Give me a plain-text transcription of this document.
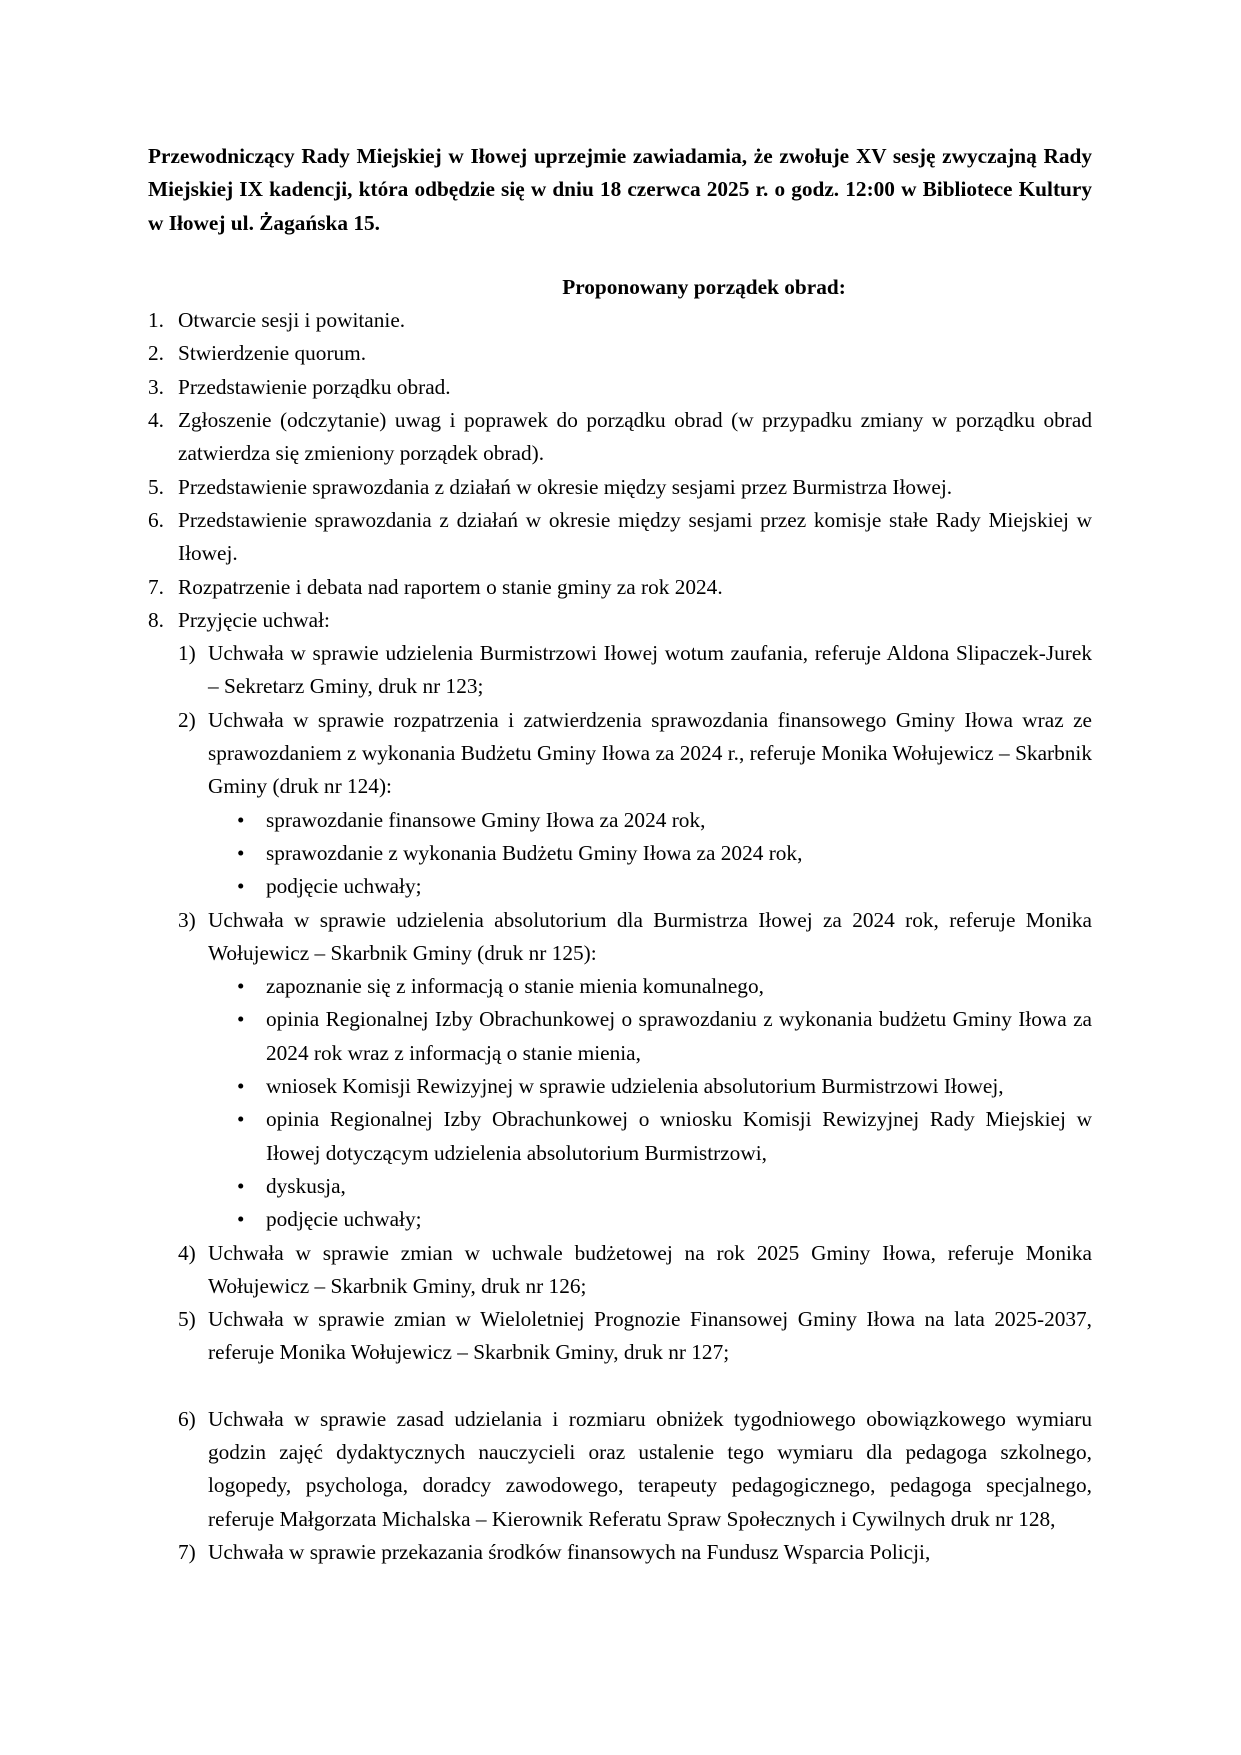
Przewodniczący Rady Miejskiej w Iłowej uprzejmie zawiadamia, że zwołuje XV sesję zwyczajną Rady Miejskiej IX kadencji, która odbędzie się w dniu 18 czerwca 2025 r. o godz. 12:00 w Bibliotece Kultury w Iłowej ul. Żagańska 15.

Proponowany porządek obrad:

1. Otwarcie sesji i powitanie.
2. Stwierdzenie quorum.
3. Przedstawienie porządku obrad.
4. Zgłoszenie (odczytanie) uwag i poprawek do porządku obrad (w przypadku zmiany w porządku obrad zatwierdza się zmieniony porządek obrad).
5. Przedstawienie sprawozdania z działań w okresie między sesjami przez Burmistrza Iłowej.
6. Przedstawienie sprawozdania z działań w okresie między sesjami przez komisje stałe Rady Miejskiej w Iłowej.
7. Rozpatrzenie i debata nad raportem o stanie gminy za rok 2024.
8. Przyjęcie uchwał:
1) Uchwała w sprawie udzielenia Burmistrzowi Iłowej wotum zaufania, referuje Aldona Slipaczek-Jurek – Sekretarz Gminy, druk nr 123;
2) Uchwała w sprawie rozpatrzenia i zatwierdzenia sprawozdania finansowego Gminy Iłowa wraz ze sprawozdaniem z wykonania Budżetu Gminy Iłowa za 2024 r., referuje Monika Wołujewicz – Skarbnik Gminy (druk nr 124):
• sprawozdanie finansowe Gminy Iłowa za 2024 rok,
• sprawozdanie z wykonania Budżetu Gminy Iłowa za 2024 rok,
• podjęcie uchwały;
3) Uchwała w sprawie udzielenia absolutorium dla Burmistrza Iłowej za 2024 rok, referuje Monika Wołujewicz – Skarbnik Gminy (druk nr 125):
• zapoznanie się z informacją o stanie mienia komunalnego,
• opinia Regionalnej Izby Obrachunkowej o sprawozdaniu z wykonania budżetu Gminy Iłowa za 2024 rok wraz z informacją o stanie mienia,
• wniosek Komisji Rewizyjnej w sprawie udzielenia absolutorium Burmistrzowi Iłowej,
• opinia Regionalnej Izby Obrachunkowej o wniosku Komisji Rewizyjnej Rady Miejskiej w Iłowej dotyczącym udzielenia absolutorium Burmistrzowi,
• dyskusja,
• podjęcie uchwały;
4) Uchwała w sprawie zmian w uchwale budżetowej na rok 2025 Gminy Iłowa, referuje Monika Wołujewicz – Skarbnik Gminy, druk nr 126;
5) Uchwała w sprawie zmian w Wieloletniej Prognozie Finansowej Gminy Iłowa na lata 2025-2037, referuje Monika Wołujewicz – Skarbnik Gminy, druk nr 127;
6) Uchwała w sprawie zasad udzielania i rozmiaru obniżek tygodniowego obowiązkowego wymiaru godzin zajęć dydaktycznych nauczycieli oraz ustalenie tego wymiaru dla pedagoga szkolnego, logopedy, psychologa, doradcy zawodowego, terapeuty pedagogicznego, pedagoga specjalnego, referuje Małgorzata Michalska – Kierownik Referatu Spraw Społecznych i Cywilnych druk nr 128,
7) Uchwała w sprawie przekazania środków finansowych na Fundusz Wsparcia Policji,
